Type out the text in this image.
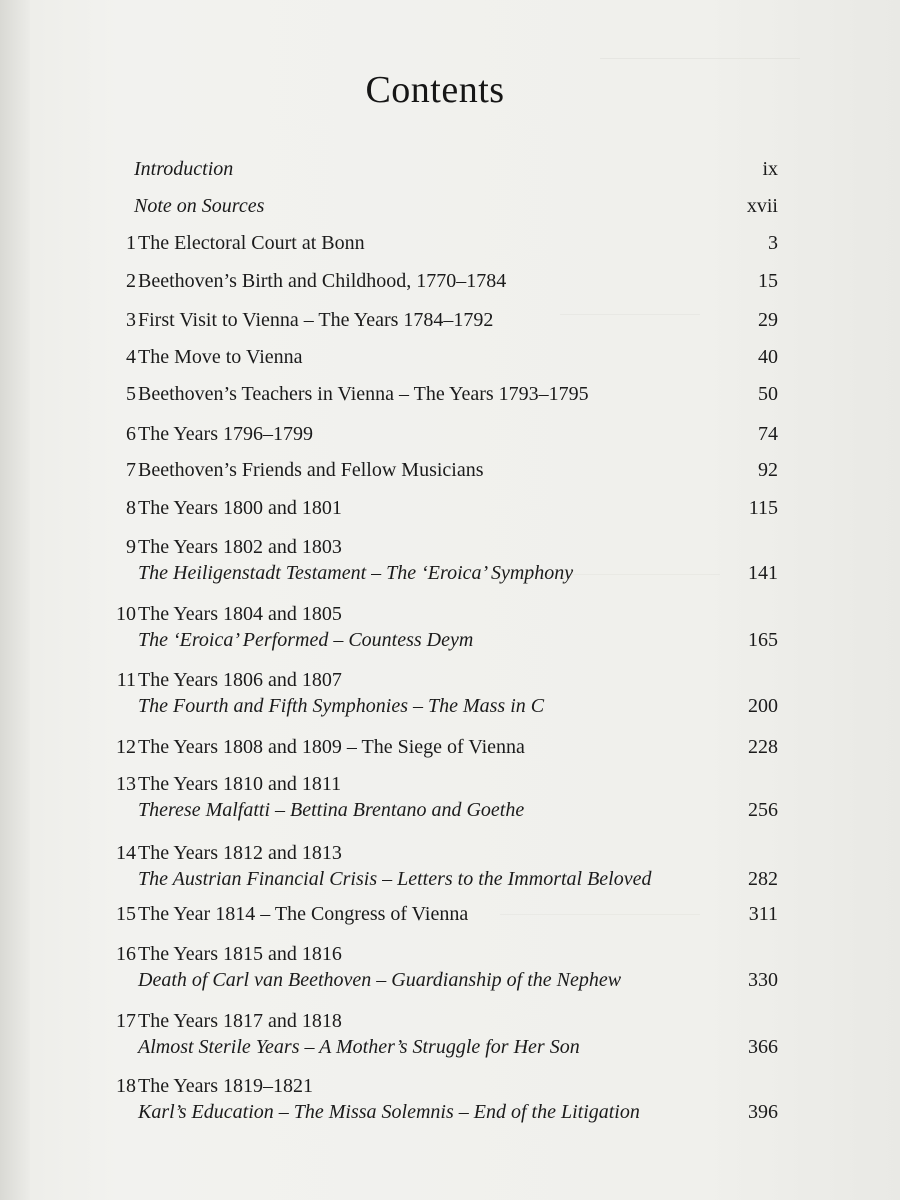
Contents
Introduction	ix
Note on Sources	xvii
1 The Electoral Court at Bonn	3
2 Beethoven’s Birth and Childhood, 1770–1784	15
3 First Visit to Vienna – The Years 1784–1792	29
4 The Move to Vienna	40
5 Beethoven’s Teachers in Vienna – The Years 1793–1795	50
6 The Years 1796–1799	74
7 Beethoven’s Friends and Fellow Musicians	92
8 The Years 1800 and 1801	115
9 The Years 1802 and 1803
The Heiligenstadt Testament – The ‘Eroica’ Symphony	141
10 The Years 1804 and 1805
The ‘Eroica’ Performed – Countess Deym	165
11 The Years 1806 and 1807
The Fourth and Fifth Symphonies – The Mass in C	200
12 The Years 1808 and 1809 – The Siege of Vienna	228
13 The Years 1810 and 1811
Therese Malfatti – Bettina Brentano and Goethe	256
14 The Years 1812 and 1813
The Austrian Financial Crisis – Letters to the Immortal Beloved	282
15 The Year 1814 – The Congress of Vienna	311
16 The Years 1815 and 1816
Death of Carl van Beethoven – Guardianship of the Nephew	330
17 The Years 1817 and 1818
Almost Sterile Years – A Mother’s Struggle for Her Son	366
18 The Years 1819–1821
Karl’s Education – The Missa Solemnis – End of the Litigation	396
